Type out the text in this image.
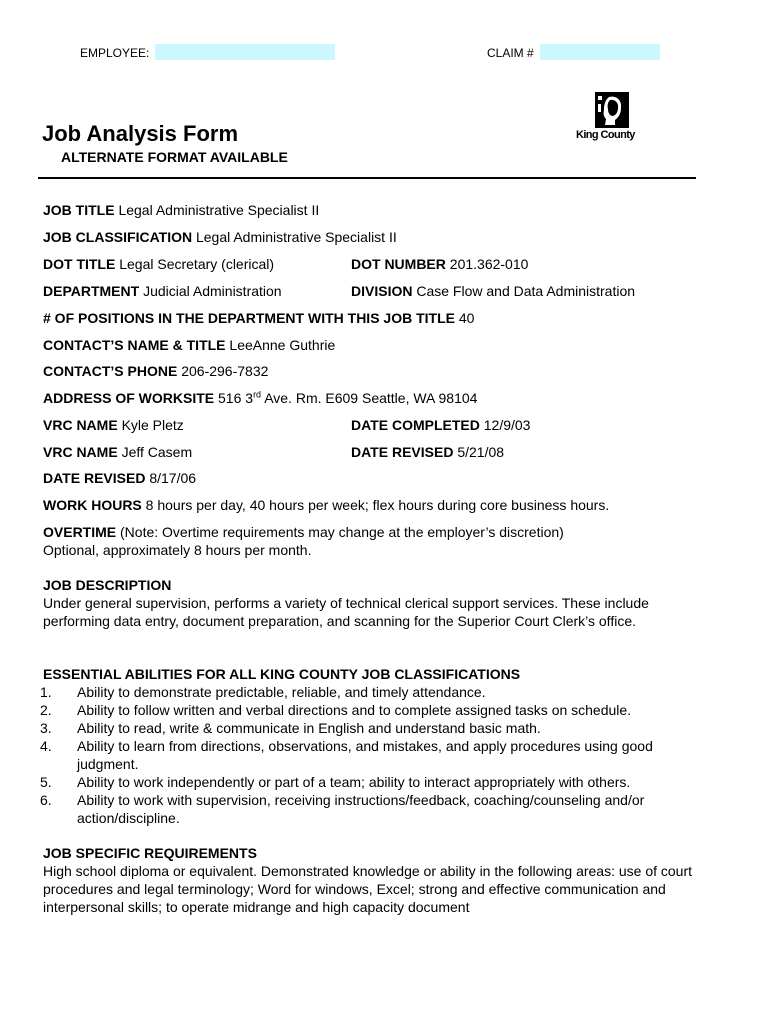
EMPLOYEE:	CLAIM #
King County
Job Analysis Form
ALTERNATE FORMAT AVAILABLE
JOB TITLE Legal Administrative Specialist II
JOB CLASSIFICATION Legal Administrative Specialist II
DOT TITLE Legal Secretary (clerical)	DOT NUMBER 201.362-010
DEPARTMENT Judicial Administration	DIVISION Case Flow and Data Administration
# OF POSITIONS IN THE DEPARTMENT WITH THIS JOB TITLE 40
CONTACT’S NAME & TITLE LeeAnne Guthrie
CONTACT’S PHONE 206-296-7832
ADDRESS OF WORKSITE 516 3rd Ave. Rm. E609 Seattle, WA 98104
VRC NAME Kyle Pletz	DATE COMPLETED 12/9/03
VRC NAME Jeff Casem	DATE REVISED 5/21/08
DATE REVISED 8/17/06
WORK HOURS 8 hours per day, 40 hours per week; flex hours during core business hours.
OVERTIME (Note: Overtime requirements may change at the employer’s discretion)
Optional, approximately 8 hours per month.
JOB DESCRIPTION
Under general supervision, performs a variety of technical clerical support services. These include performing data entry, document preparation, and scanning for the Superior Court Clerk’s office.
ESSENTIAL ABILITIES FOR ALL KING COUNTY JOB CLASSIFICATIONS
1. Ability to demonstrate predictable, reliable, and timely attendance.
2. Ability to follow written and verbal directions and to complete assigned tasks on schedule.
3. Ability to read, write & communicate in English and understand basic math.
4. Ability to learn from directions, observations, and mistakes, and apply procedures using good judgment.
5. Ability to work independently or part of a team; ability to interact appropriately with others.
6. Ability to work with supervision, receiving instructions/feedback, coaching/counseling and/or action/discipline.
JOB SPECIFIC REQUIREMENTS
High school diploma or equivalent. Demonstrated knowledge or ability in the following areas: use of court procedures and legal terminology; Word for windows, Excel; strong and effective communication and interpersonal skills; to operate midrange and high capacity document
